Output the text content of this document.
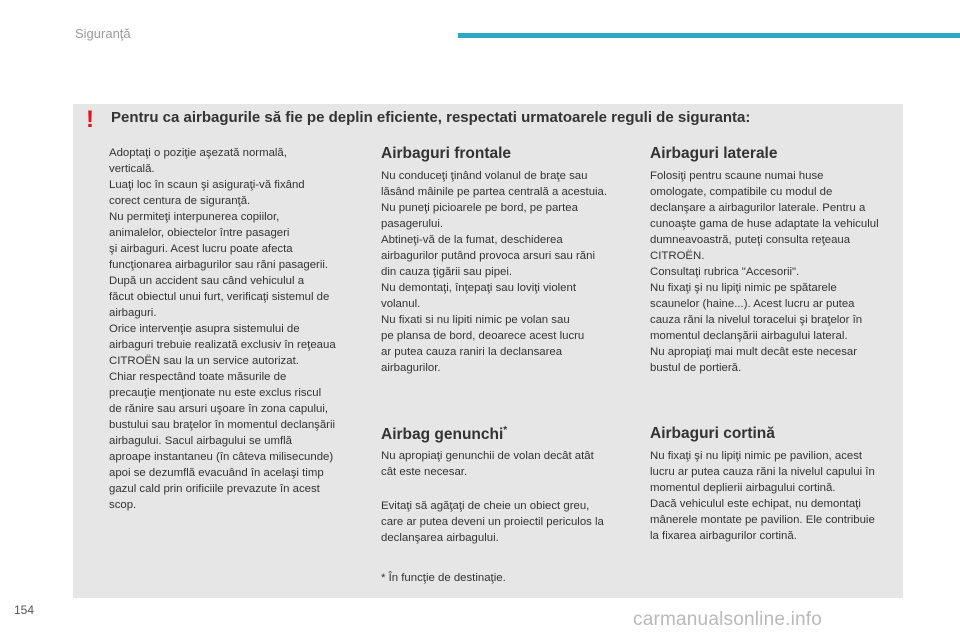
Siguranţă
! Pentru ca airbagurile să fie pe deplin eficiente, respectati urmatoarele reguli de siguranta:
Adoptaţi o poziţie aşezată normală,
verticală.
Luaţi loc în scaun şi asiguraţi-vă fixând
corect centura de siguranţă.
Nu permiteţi interpunerea copiilor,
animalelor, obiectelor între pasageri
şi airbaguri. Acest lucru poate afecta
funcţionarea airbagurilor sau răni pasagerii.
După un accident sau când vehiculul a
făcut obiectul unui furt, verificaţi sistemul de
airbaguri.
Orice intervenţie asupra sistemului de
airbaguri trebuie realizată exclusiv în reţeaua
CITROËN sau la un service autorizat.
Chiar respectând toate măsurile de
precauţie menţionate nu este exclus riscul
de rănire sau arsuri uşoare în zona capului,
bustului sau braţelor în momentul declanşării
airbagului. Sacul airbagului se umflă
aproape instantaneu (în câteva milisecunde)
apoi se dezumflă evacuând în acelaşi timp
gazul cald prin orificiile prevazute în acest
scop.
Airbaguri frontale
Nu conduceţi ţinând volanul de braţe sau
lăsând mâinile pe partea centrală a acestuia.
Nu puneţi picioarele pe bord, pe partea
pasagerului.
Abtineţi-vă de la fumat, deschiderea
airbagurilor putând provoca arsuri sau răni
din cauza ţigării sau pipei.
Nu demontaţi, înţepaţi sau loviţi violent
volanul.
Nu fixati si nu lipiti nimic pe volan sau
pe plansa de bord, deoarece acest lucru
ar putea cauza raniri la declansarea
airbagurilor.
Airbaguri laterale
Folosiţi pentru scaune numai huse
omologate, compatibile cu modul de
declanşare a airbagurilor laterale. Pentru a
cunoaşte gama de huse adaptate la vehiculul
dumneavoastră, puteţi consulta reţeaua
CITROËN.
Consultaţi rubrica "Accesorii".
Nu fixaţi şi nu lipiţi nimic pe spătarele
scaunelor (haine...). Acest lucru ar putea
cauza răni la nivelul toracelui şi braţelor în
momentul declanşării airbagului lateral.
Nu apropiaţi mai mult decât este necesar
bustul de portieră.
Airbag genunchi*
Nu apropiaţi genunchii de volan decât atât
cât este necesar.
Evitaţi să agăţaţi de cheie un obiect greu,
care ar putea deveni un proiectil periculos la
declanşarea airbagului.
* În funcţie de destinaţie.
Airbaguri cortină
Nu fixaţi şi nu lipiţi nimic pe pavilion, acest
lucru ar putea cauza răni la nivelul capului în
momentul deplierii airbagului cortină.
Dacă vehiculul este echipat, nu demontaţi
mânerele montate pe pavilion. Ele contribuie
la fixarea airbagurilor cortină.
154	carmanualsonline.info
